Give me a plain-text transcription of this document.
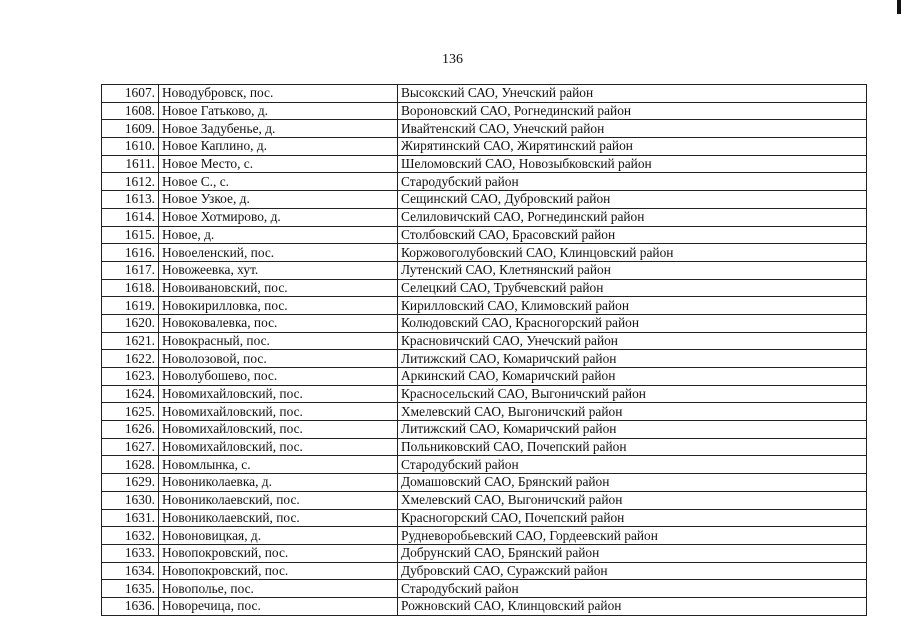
136
1607.	Новодубровск, пос.	Высокский САО, Унечский район
1608.	Новое Гатьково, д.	Вороновский САО, Рогнединский район
1609.	Новое Задубенье, д.	Ивайтенский САО, Унечский район
1610.	Новое Каплино, д.	Жирятинский САО, Жирятинский район
1611.	Новое Место, с.	Шеломовский САО, Новозыбковский район
1612.	Новое С., с.	Стародубский район
1613.	Новое Узкое, д.	Сещинский САО, Дубровский район
1614.	Новое Хотмирово, д.	Селиловичский САО, Рогнединский район
1615.	Новое, д.	Столбовский САО, Брасовский район
1616.	Новоеленский, пос.	Коржовоголубовский САО, Клинцовский район
1617.	Новожеевка, хут.	Лутенский САО, Клетнянский район
1618.	Новоивановский, пос.	Селецкий САО, Трубчевский район
1619.	Новокирилловка, пос.	Кирилловский САО, Климовский район
1620.	Новоковалевка, пос.	Колюдовский САО, Красногорский район
1621.	Новокрасный, пос.	Красновичский САО, Унечский район
1622.	Новолозовой, пос.	Литижский САО, Комаричский район
1623.	Новолубошево, пос.	Аркинский САО, Комаричский район
1624.	Новомихайловский, пос.	Красносельский САО, Выгоничский район
1625.	Новомихайловский, пос.	Хмелевский САО, Выгоничский район
1626.	Новомихайловский, пос.	Литижский САО, Комаричский район
1627.	Новомихайловский, пос.	Польниковский САО, Почепский район
1628.	Новомлынка, с.	Стародубский район
1629.	Новониколаевка, д.	Домашовский САО, Брянский район
1630.	Новониколаевский, пос.	Хмелевский САО, Выгоничский район
1631.	Новониколаевский, пос.	Красногорский САО, Почепский район
1632.	Новоновицкая, д.	Рудневоробьевский САО, Гордеевский район
1633.	Новопокровский, пос.	Добрунский САО, Брянский район
1634.	Новопокровский, пос.	Дубровский САО, Суражский район
1635.	Новополье, пос.	Стародубский район
1636.	Новоречица, пос.	Рожновский САО, Клинцовский район
